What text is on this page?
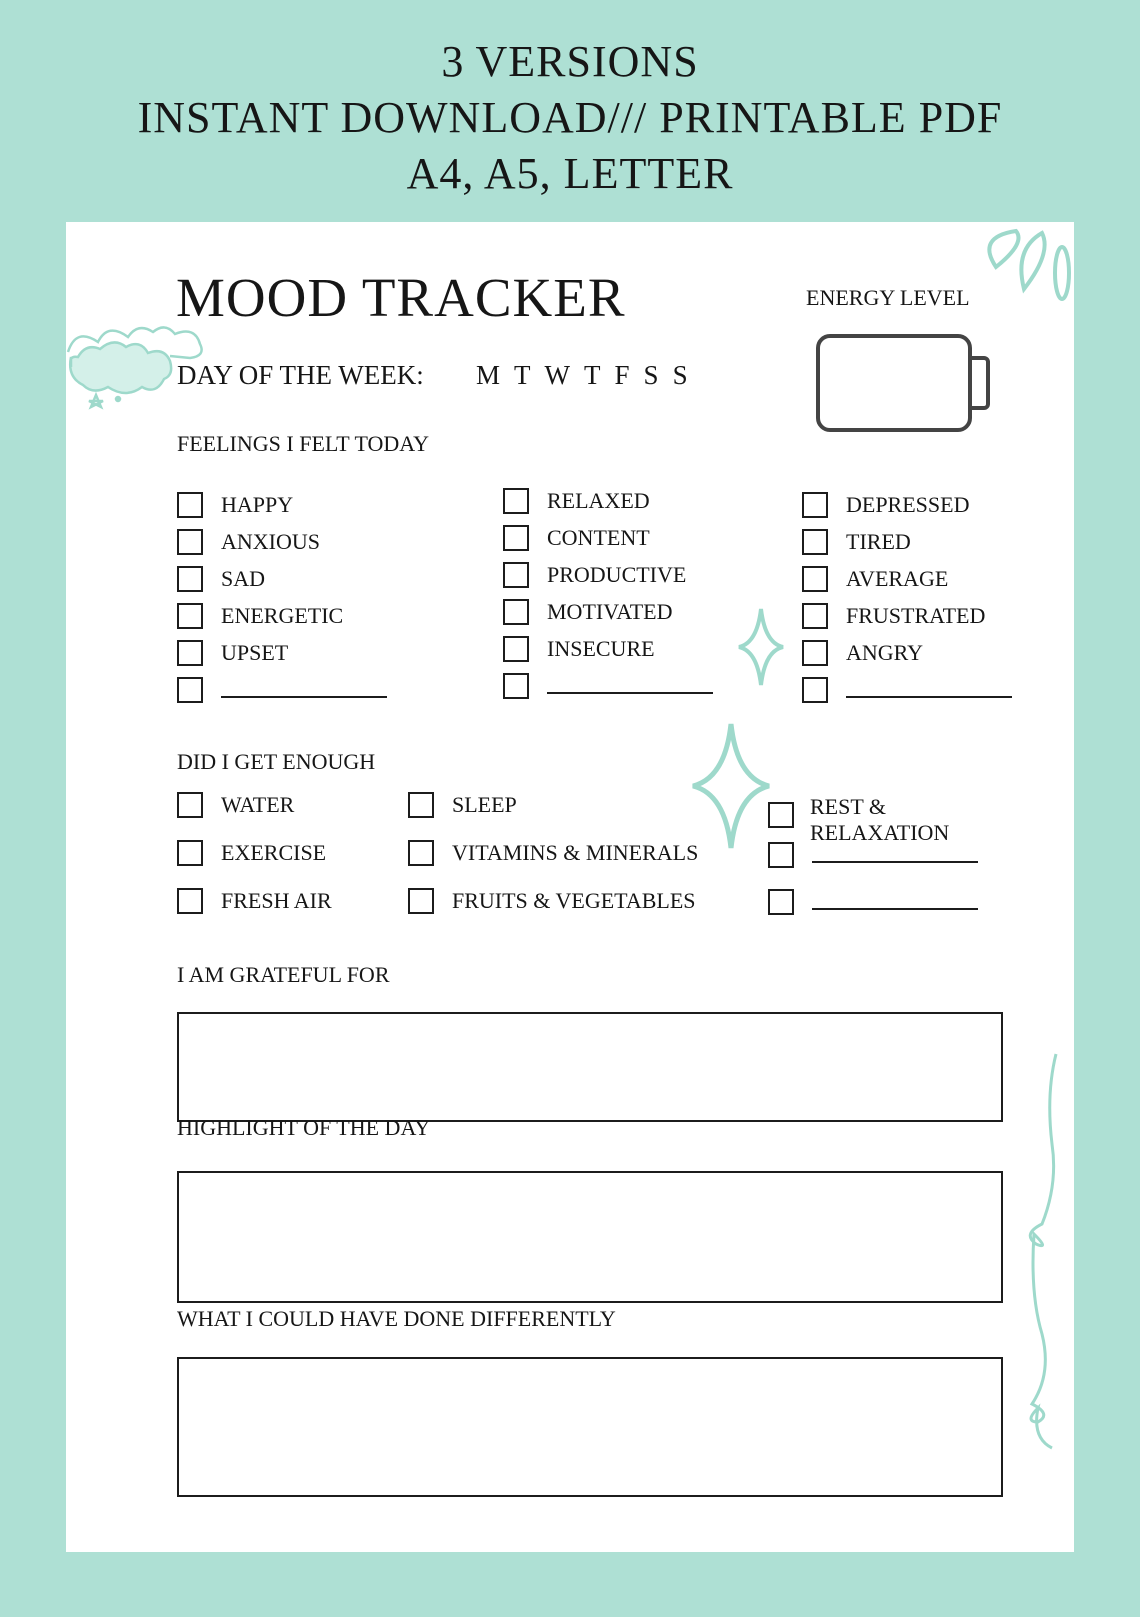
3 VERSIONS
INSTANT DOWNLOAD/// PRINTABLE PDF
A4, A5, LETTER
MOOD TRACKER
DAY OF THE WEEK: M T W T F S S
ENERGY LEVEL
FEELINGS I FELT TODAY
HAPPY
ANXIOUS
SAD
ENERGETIC
UPSET
RELAXED
CONTENT
PRODUCTIVE
MOTIVATED
INSECURE
DEPRESSED
TIRED
AVERAGE
FRUSTRATED
ANGRY
DID I GET ENOUGH
WATER
EXERCISE
FRESH AIR
SLEEP
VITAMINS & MINERALS
FRUITS & VEGETABLES
REST &
RELAXATION
I AM GRATEFUL FOR
HIGHLIGHT OF THE DAY
WHAT I COULD HAVE DONE DIFFERENTLY
